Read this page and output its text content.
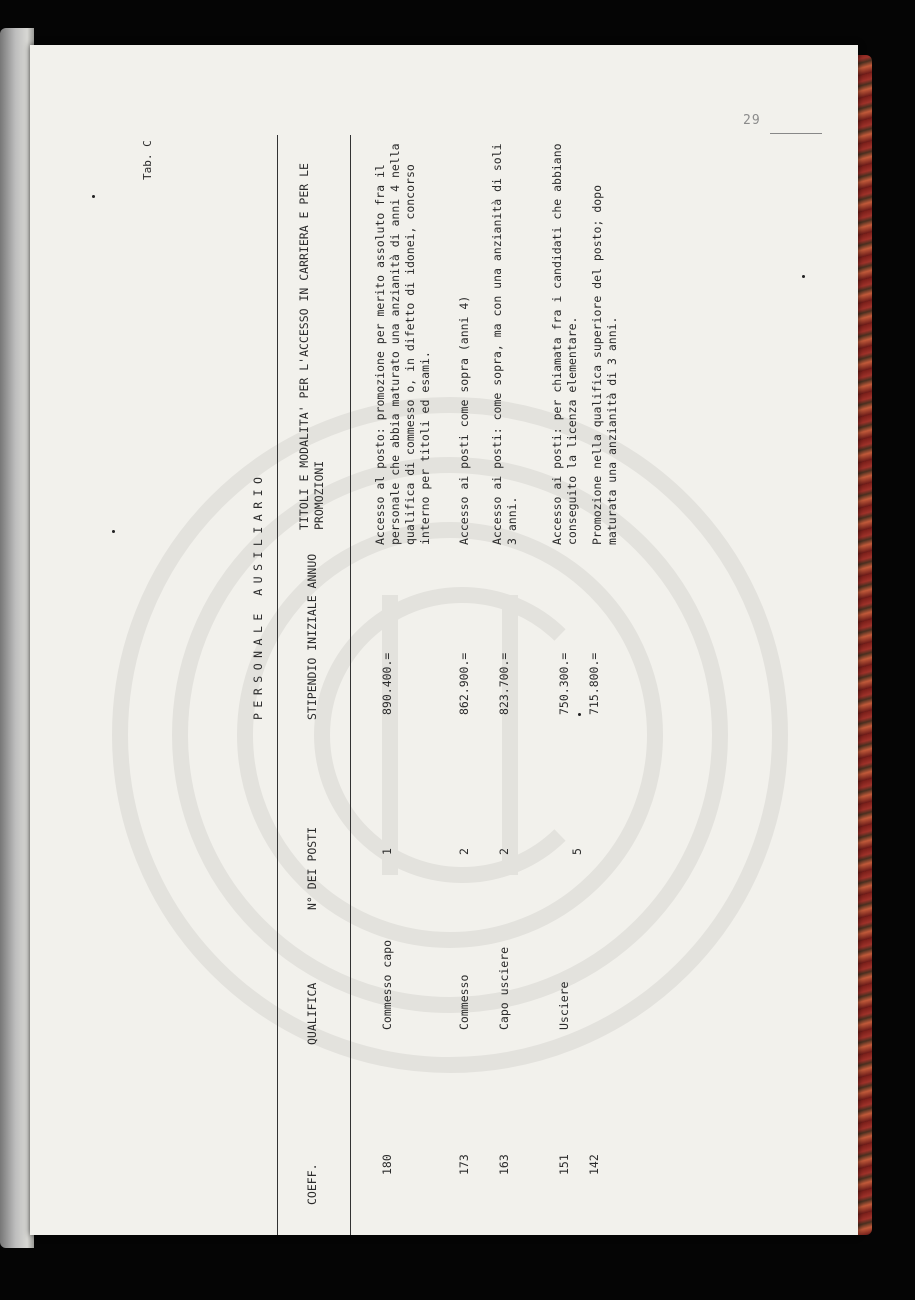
29
PERSONALE AUSILIARIO
COEFF.
QUALIFICA
N° DEI POSTI
STIPENDIO INIZIALE ANNUO
TITOLI E MODALITA' PER L'ACCESSO IN CARRIERA E PER LE PROMOZIONI
180
Commesso capo
1
890.400.=
Accesso al posto: promozione per merito assoluto fra il personale che abbia maturato una anzianità di anni 4 nella qualifica di commesso o, in difetto di idonei, concorso interno per titoli ed esami.
173
Commesso
2
862.900.=
Accesso ai posti come sopra (anni 4)
163
Capo usciere
2
823.700.=
Accesso ai posti: come sopra, ma con una anzianità di soli 3 anni.
151
Usciere
5
750.300.=
Accesso ai posti: per chiamata fra i candidati che abbiano conseguito la licenza elementare.
142
715.800.=
Promozione nella qualifica superiore del posto; dopo maturata una anzianità di 3 anni.
Tab. C
